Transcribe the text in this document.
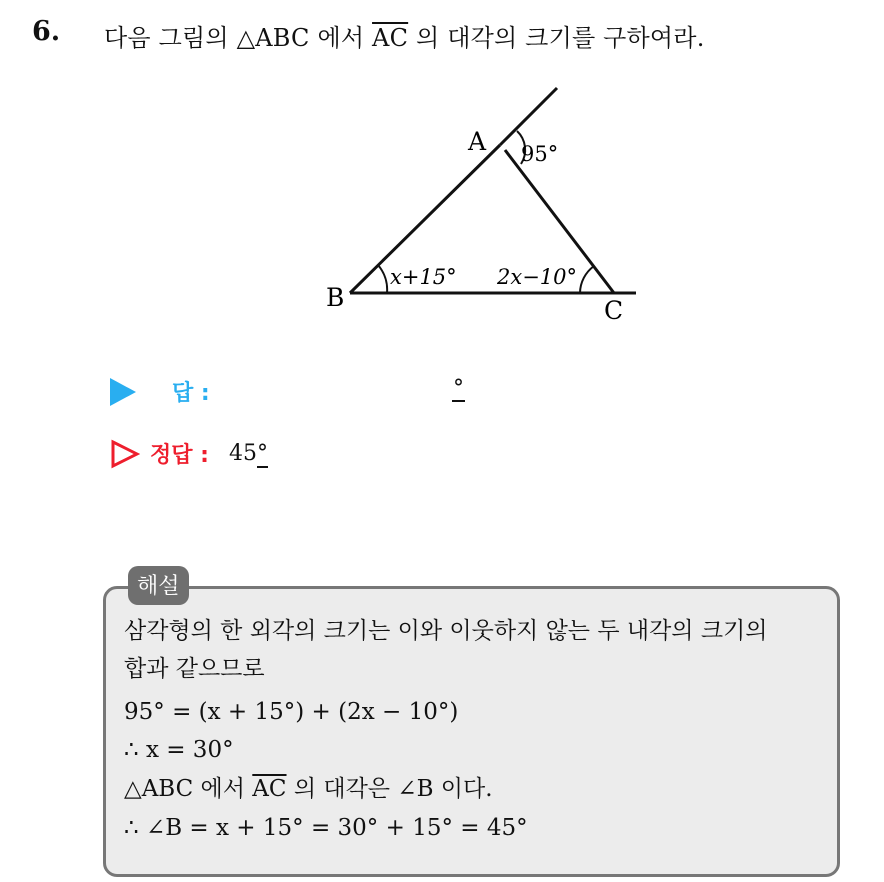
6. 다음 그림의 △ABC 에서 $\overline{AC}$ 의 대각의 크기를 구하여라.
A
B	C
95°
x+15° 2x−10°
답 :	°
정답 : 45°
해설
삼각형의 한 외각의 크기는 이와 이웃하지 않는 두 내각의 크기의
합과 같으므로
95° = (x + 15°) + (2x − 10°)
∴ x = 30°
△ABC 에서 $\overline{AC}$ 의 대각은 ∠B 이다.
∴ ∠B = x + 15° = 30° + 15° = 45°
